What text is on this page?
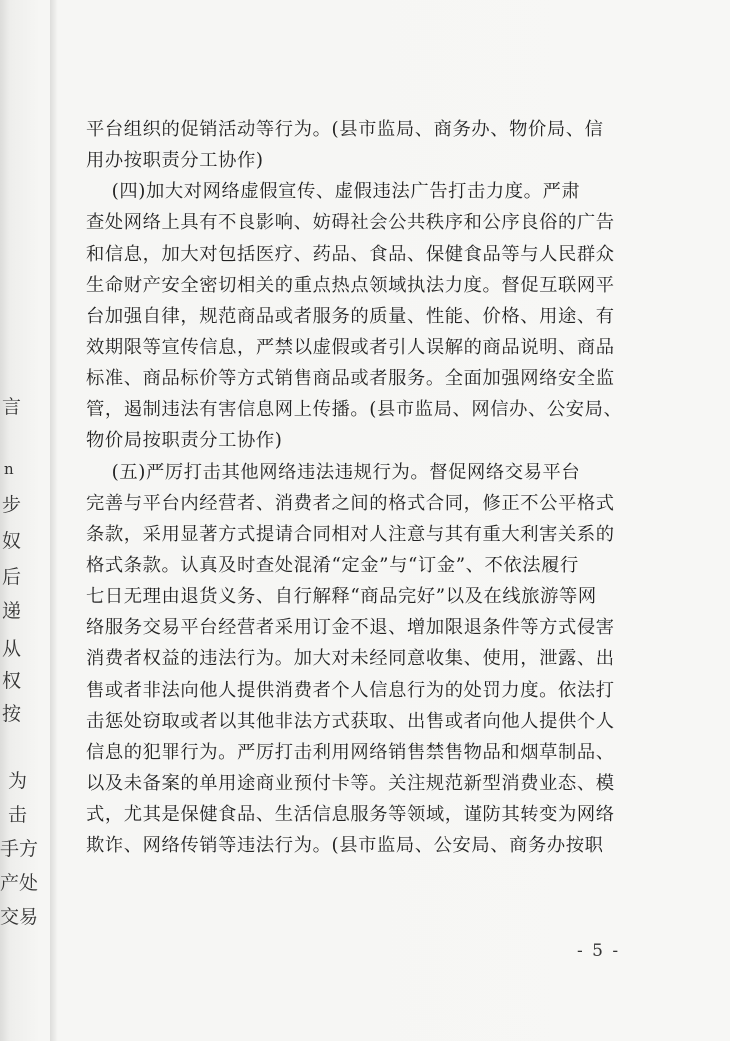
言
n
步
奴
后
递
从
权
按
为
击
手方
产处
交易
平台组织的促销活动等行为。(县市监局、商务办、物价局、信
用办按职责分工协作)
(四)加大对网络虚假宣传、虚假违法广告打击力度。严肃
查处网络上具有不良影响、妨碍社会公共秩序和公序良俗的广告
和信息，加大对包括医疗、药品、食品、保健食品等与人民群众
生命财产安全密切相关的重点热点领域执法力度。督促互联网平
台加强自律，规范商品或者服务的质量、性能、价格、用途、有
效期限等宣传信息，严禁以虚假或者引人误解的商品说明、商品
标准、商品标价等方式销售商品或者服务。全面加强网络安全监
管，遏制违法有害信息网上传播。(县市监局、网信办、公安局、
物价局按职责分工协作)
(五)严厉打击其他网络违法违规行为。督促网络交易平台
完善与平台内经营者、消费者之间的格式合同，修正不公平格式
条款，采用显著方式提请合同相对人注意与其有重大利害关系的
格式条款。认真及时查处混淆“定金”与“订金”、不依法履行
七日无理由退货义务、自行解释“商品完好”以及在线旅游等网
络服务交易平台经营者采用订金不退、增加限退条件等方式侵害
消费者权益的违法行为。加大对未经同意收集、使用，泄露、出
售或者非法向他人提供消费者个人信息行为的处罚力度。依法打
击惩处窃取或者以其他非法方式获取、出售或者向他人提供个人
信息的犯罪行为。严厉打击利用网络销售禁售物品和烟草制品、
以及未备案的单用途商业预付卡等。关注规范新型消费业态、模
式，尤其是保健食品、生活信息服务等领域，谨防其转变为网络
欺诈、网络传销等违法行为。(县市监局、公安局、商务办按职
- 5 -
